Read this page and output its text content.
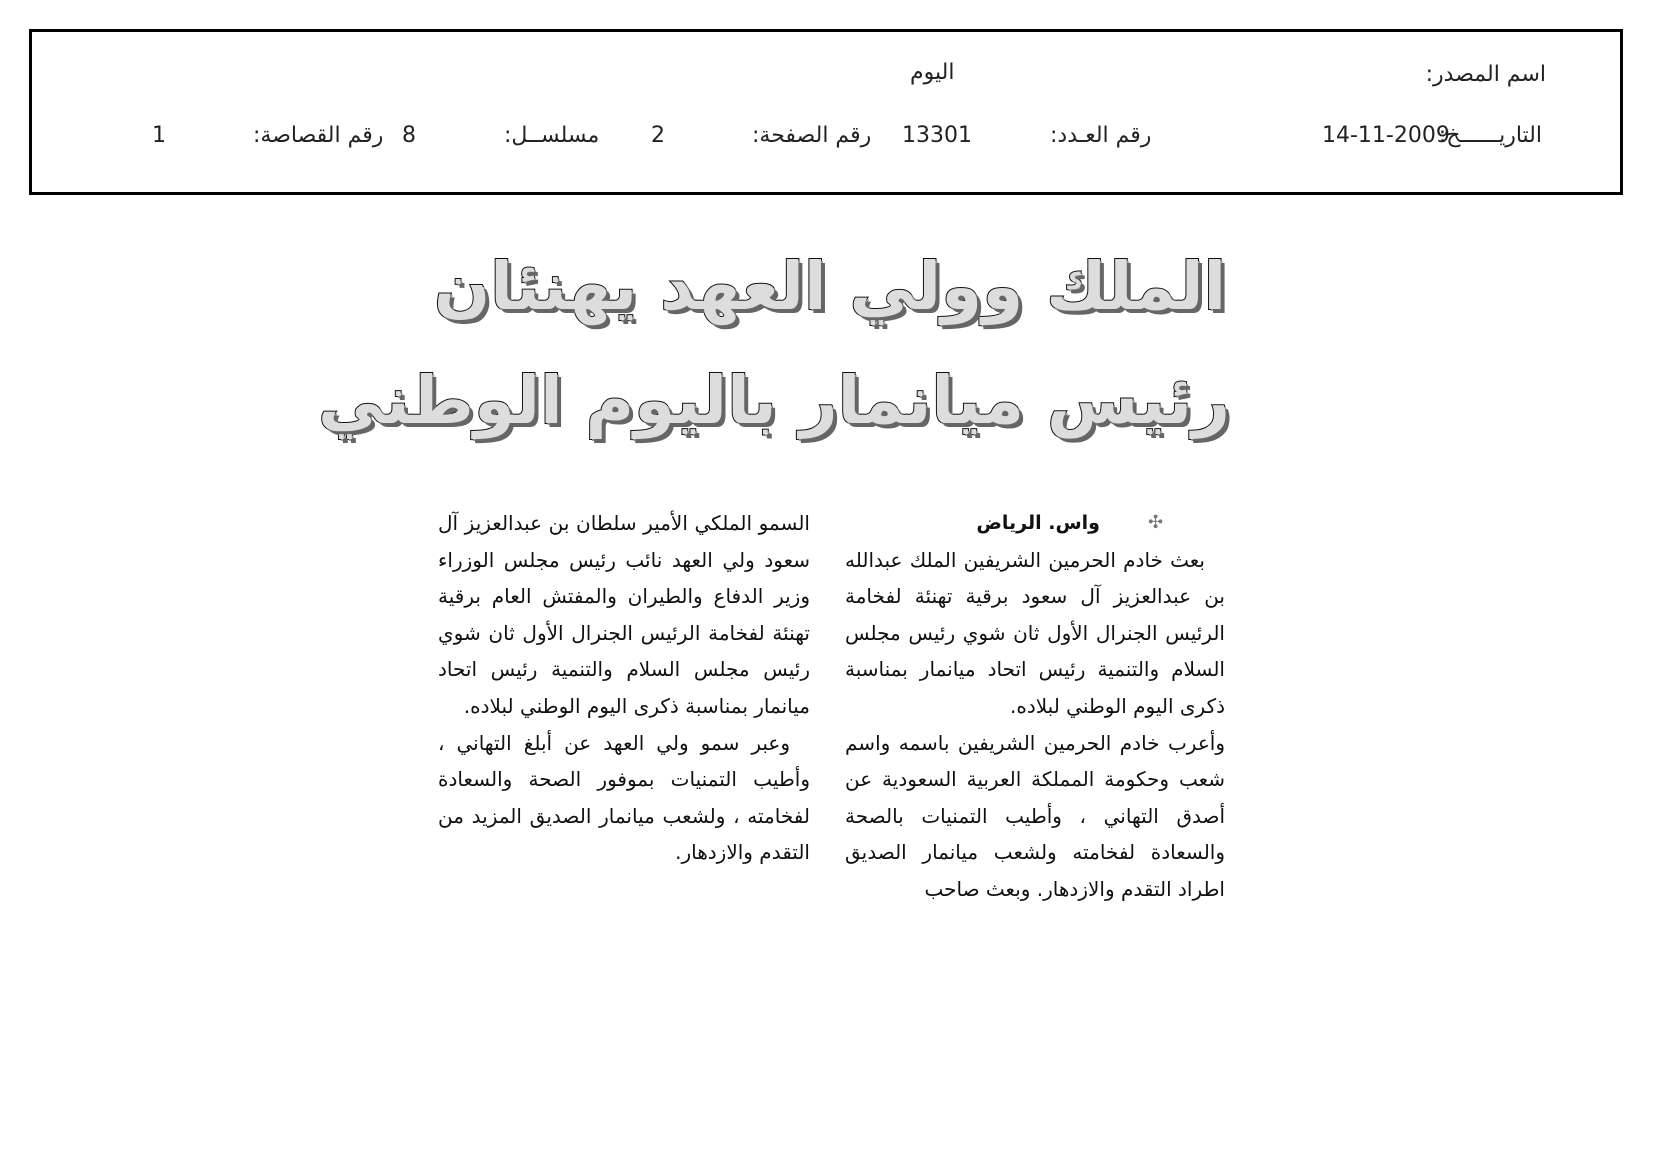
اسم المصدر:
اليوم
التاريــــــخ:
14-11-2009
رقم العـدد:
13301
رقم الصفحة:
2
مسلســل:
8
رقم القصاصة:
1
الملك وولي العهد يهنئان
رئيس ميانمار باليوم الوطني
✣

واس. الرياض

بعث خادم الحرمين الشريفين الملك عبدالله بن عبدالعزيز آل سعود برقية تهنئة لفخامة الرئيس الجنرال الأول ثان شوي رئيس مجلس السلام والتنمية رئيس اتحاد ميانمار بمناسبة ذكرى اليوم الوطني لبلاده.

وأعرب خادم الحرمين الشريفين باسمه واسم شعب وحكومة المملكة العربية السعودية عن أصدق التهاني ، وأطيب التمنيات بالصحة والسعادة لفخامته ولشعب ميانمار الصديق اطراد التقدم والازدهار. وبعث صاحب

السمو الملكي الأمير سلطان بن عبدالعزيز آل سعود ولي العهد نائب رئيس مجلس الوزراء وزير الدفاع والطيران والمفتش العام برقية تهنئة لفخامة الرئيس الجنرال الأول ثان شوي رئيس مجلس السلام والتنمية رئيس اتحاد ميانمار بمناسبة ذكرى اليوم الوطني لبلاده.

وعبر سمو ولي العهد عن أبلغ التهاني ، وأطيب التمنيات بموفور الصحة والسعادة لفخامته ، ولشعب ميانمار الصديق المزيد من التقدم والازدهار.
